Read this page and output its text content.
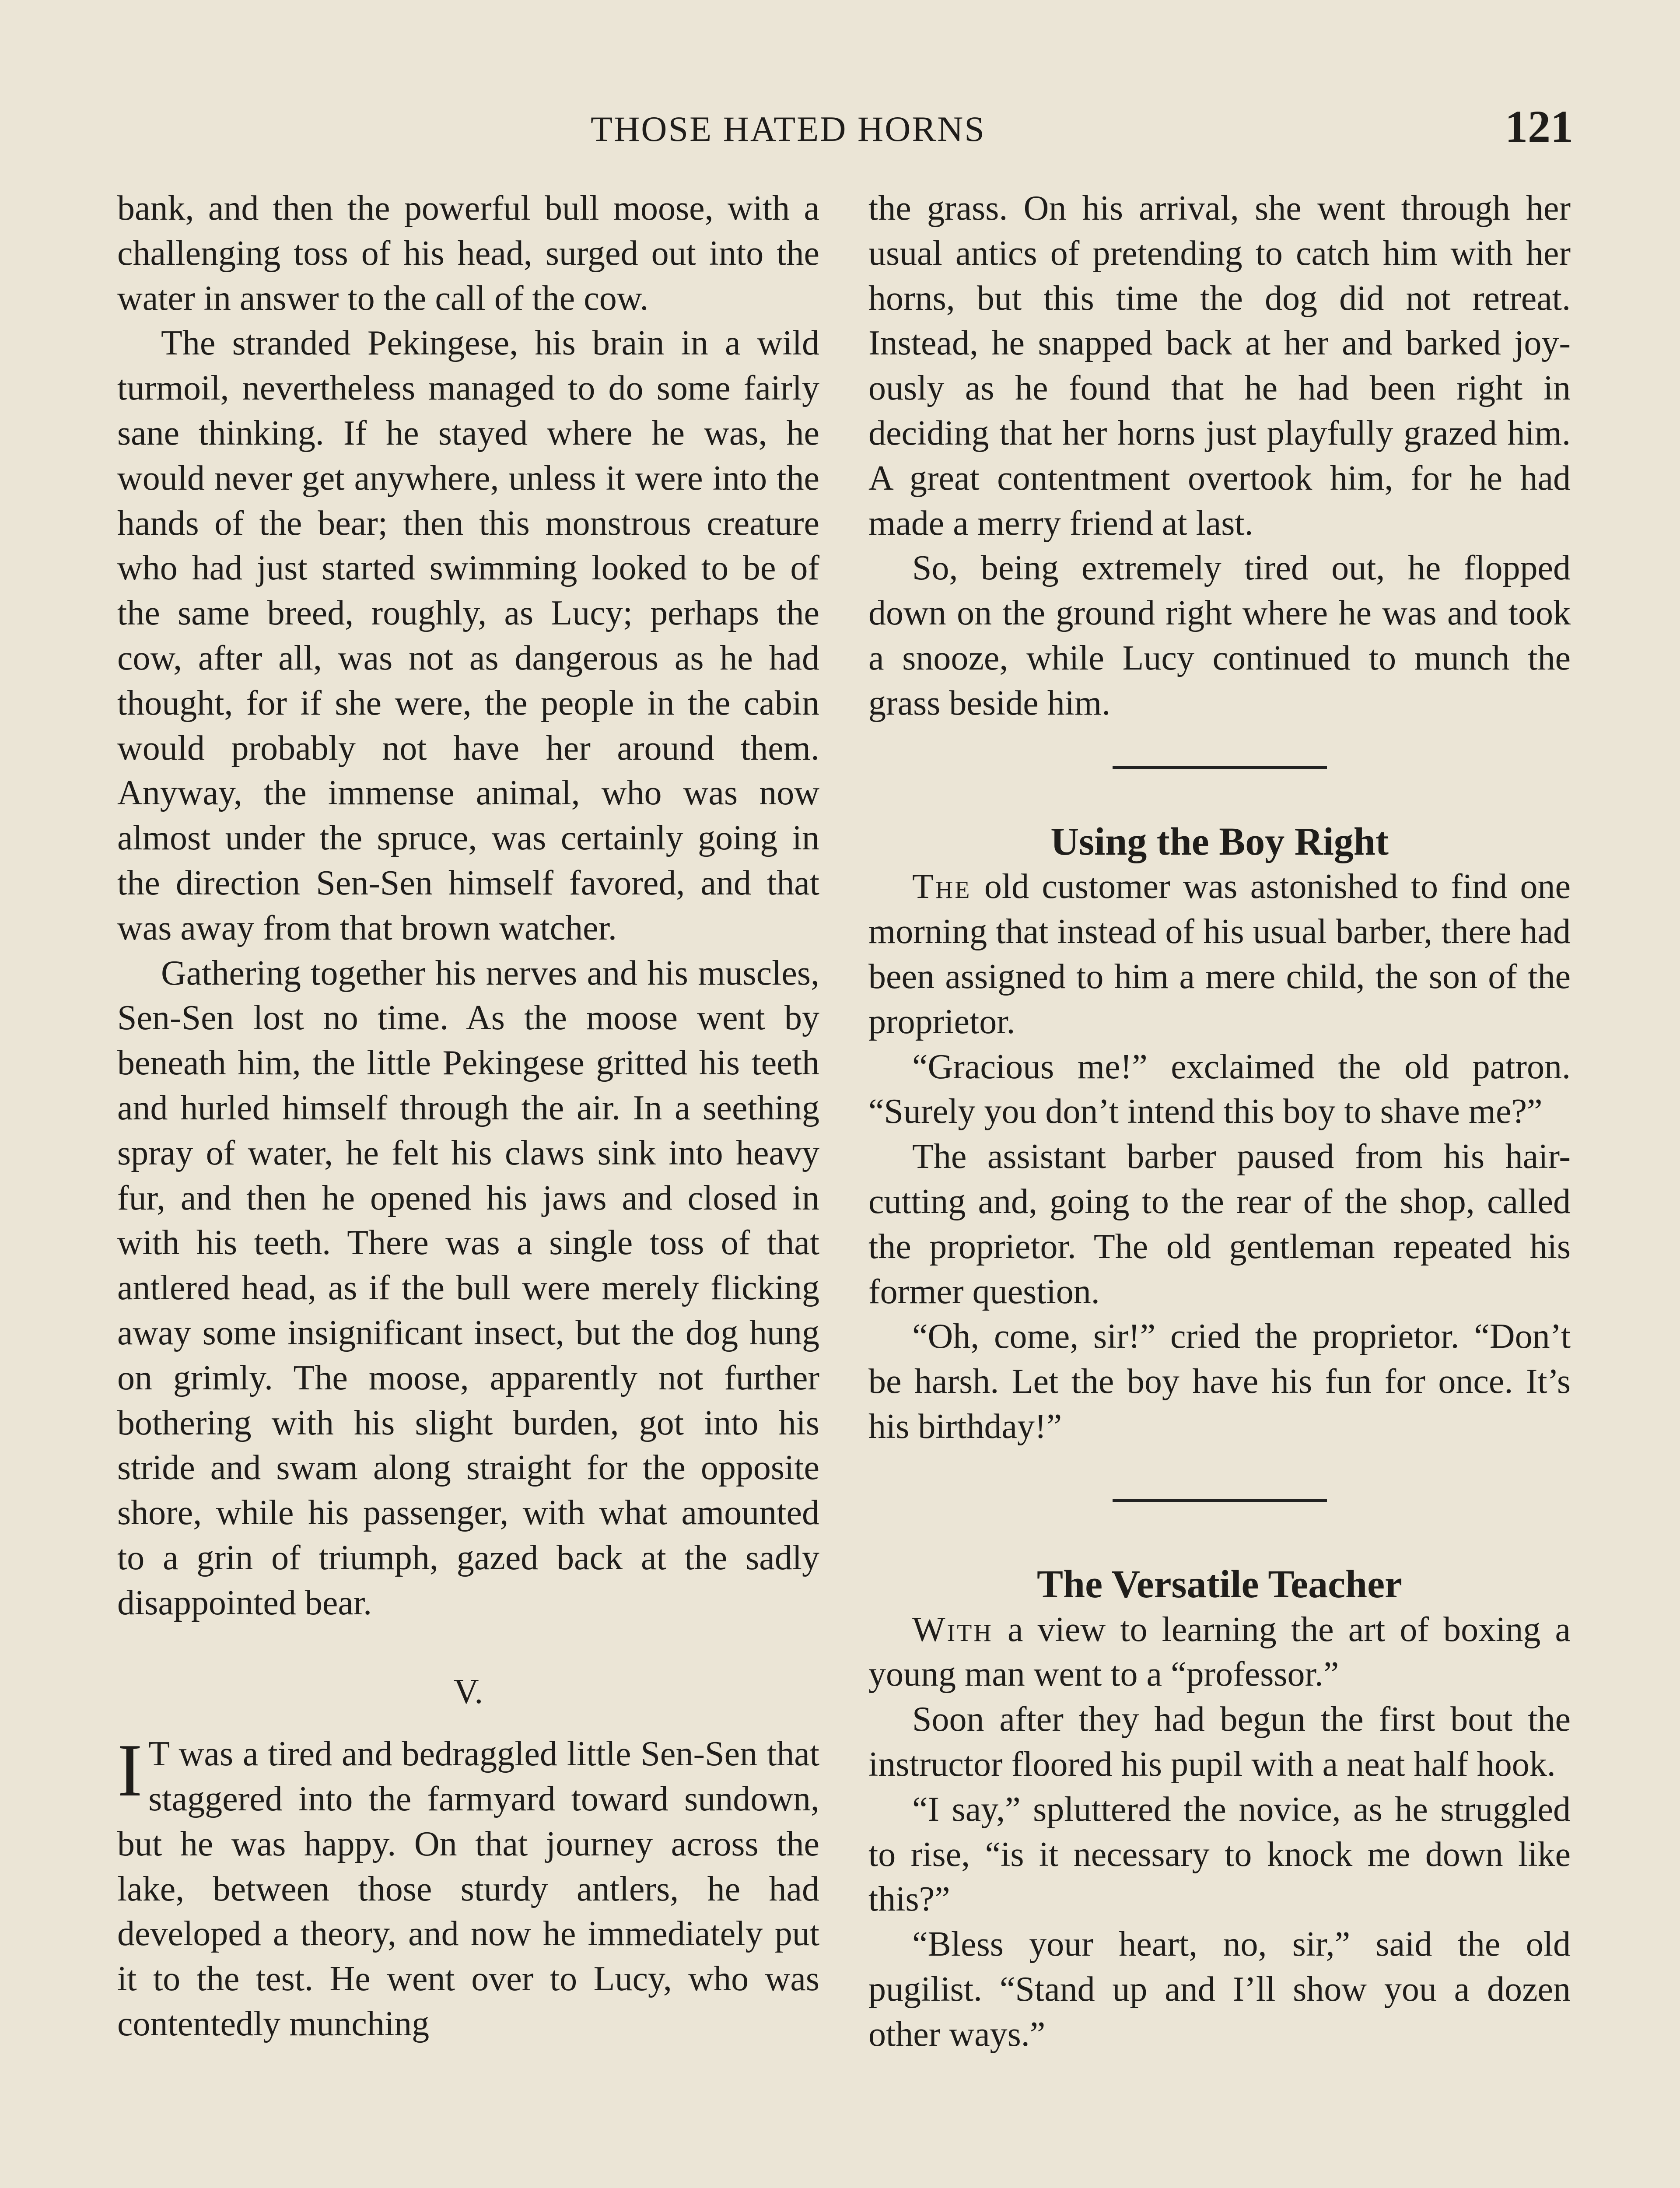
THOSE HATED HORNS	121

bank, and then the powerful bull moose, with a challenging toss of his head, surged out into the water in answer to the call of the cow.

The stranded Pekingese, his brain in a wild turmoil, nevertheless managed to do some fairly sane thinking. If he stayed where he was, he would never get anywhere, unless it were into the hands of the bear; then this monstrous creature who had just started swimming looked to be of the same breed, roughly, as Lucy; perhaps the cow, after all, was not as dangerous as he had thought, for if she were, the people in the cabin would probably not have her around them. Anyway, the immense animal, who was now almost under the spruce, was certainly going in the direction Sen-Sen himself favored, and that was away from that brown watcher.

Gathering together his nerves and his muscles, Sen-Sen lost no time. As the moose went by beneath him, the little Pekingese gritted his teeth and hurled himself through the air. In a seething spray of water, he felt his claws sink into heavy fur, and then he opened his jaws and closed in with his teeth. There was a single toss of that antlered head, as if the bull were merely flicking away some insignificant insect, but the dog hung on grimly. The moose, apparently not further bothering with his slight burden, got into his stride and swam along straight for the opposite shore, while his passenger, with what amounted to a grin of triumph, gazed back at the sadly disappointed bear.

V.

I T was a tired and bedraggled little Sen-Sen that staggered into the farmyard toward sundown, but he was happy. On that journey across the lake, between those sturdy antlers, he had developed a theory, and now he immediately put it to the test. He went over to Lucy, who was contentedly munching

the grass. On his arrival, she went through her usual antics of pretending to catch him with her horns, but this time the dog did not retreat. Instead, he snapped back at her and barked joyously as he found that he had been right in deciding that her horns just playfully grazed him. A great contentment overtook him, for he had made a merry friend at last.

So, being extremely tired out, he flopped down on the ground right where he was and took a snooze, while Lucy continued to munch the grass beside him.

Using the Boy Right

The old customer was astonished to find one morning that instead of his usual barber, there had been assigned to him a mere child, the son of the proprietor.

“Gracious me!” exclaimed the old patron. “Surely you don’t intend this boy to shave me?”

The assistant barber paused from his hair-cutting and, going to the rear of the shop, called the proprietor. The old gentleman repeated his former question.

“Oh, come, sir!” cried the proprietor. “Don’t be harsh. Let the boy have his fun for once. It’s his birthday!”

The Versatile Teacher

With a view to learning the art of boxing a young man went to a “professor.”

Soon after they had begun the first bout the instructor floored his pupil with a neat half hook.

“I say,” spluttered the novice, as he struggled to rise, “is it necessary to knock me down like this?”

“Bless your heart, no, sir,” said the old pugilist. “Stand up and I’ll show you a dozen other ways.”
